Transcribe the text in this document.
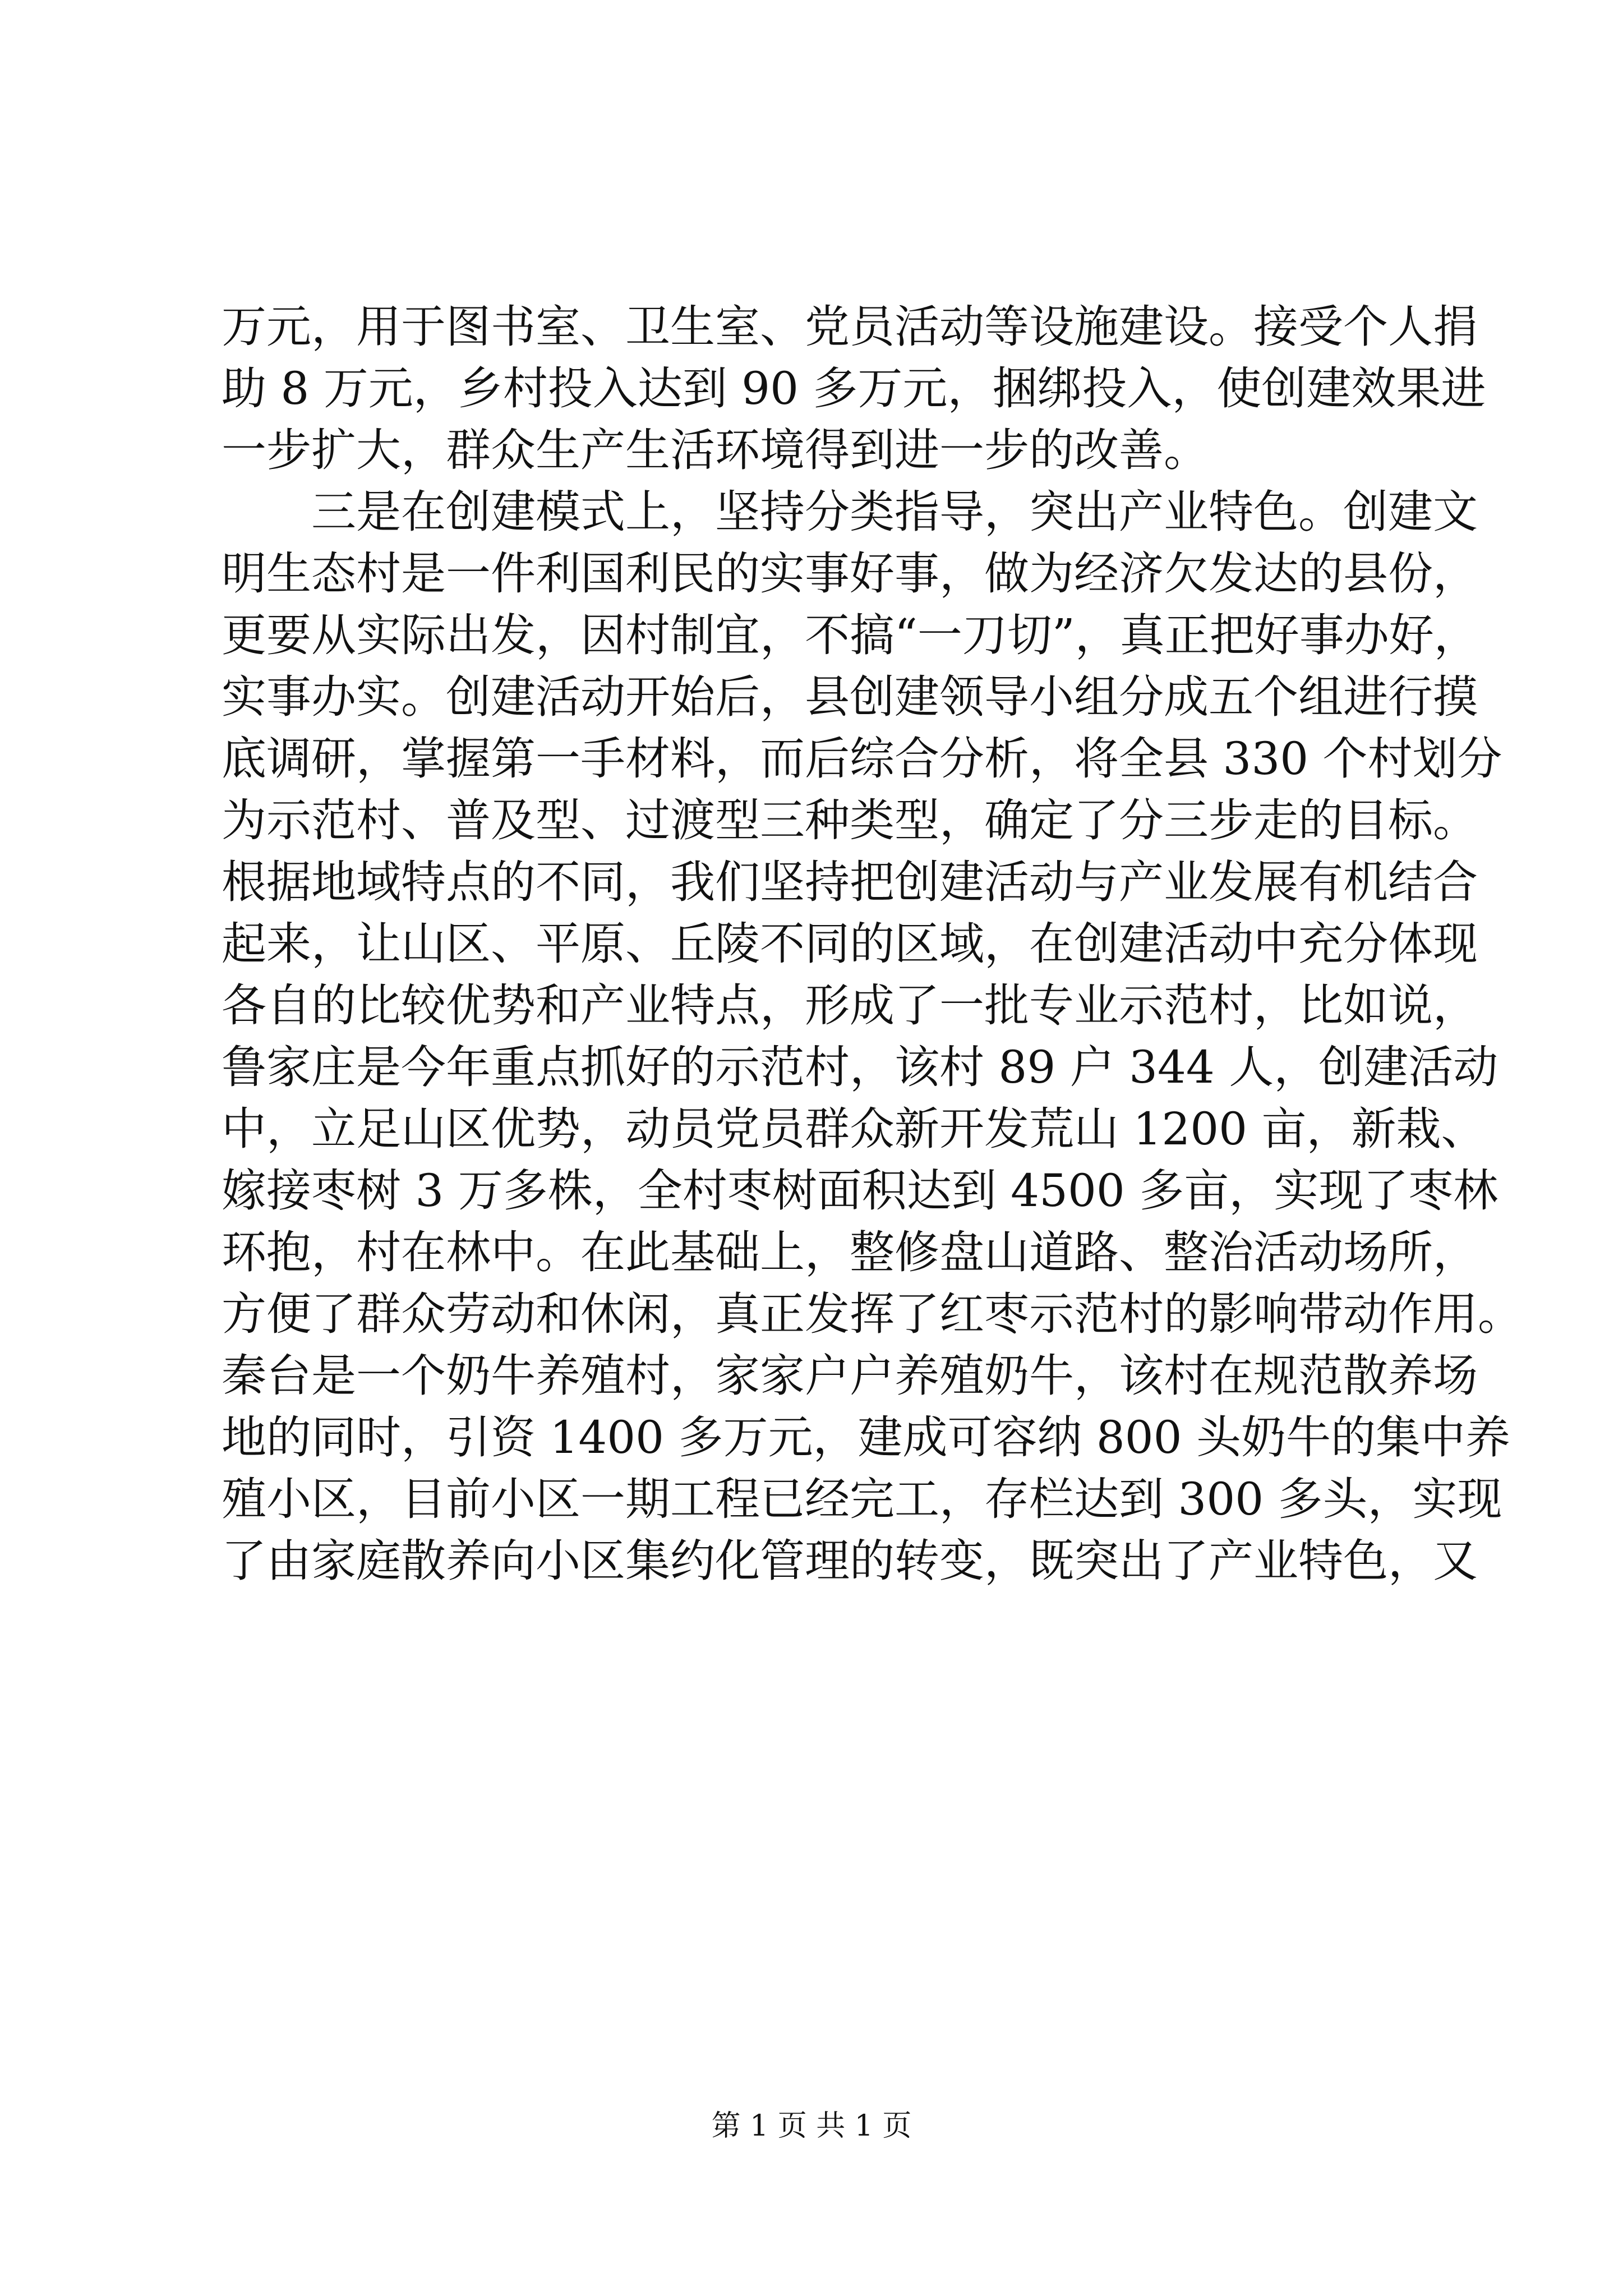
万元，用于图书室、卫生室、党员活动等设施建设。接受个人捐
助 8 万元，乡村投入达到 90 多万元，捆绑投入，使创建效果进
一步扩大，群众生产生活环境得到进一步的改善。
　　三是在创建模式上，坚持分类指导，突出产业特色。创建文
明生态村是一件利国利民的实事好事，做为经济欠发达的县份，
更要从实际出发，因村制宜，不搞“一刀切”，真正把好事办好，
实事办实。创建活动开始后，县创建领导小组分成五个组进行摸
底调研，掌握第一手材料，而后综合分析，将全县 330 个村划分
为示范村、普及型、过渡型三种类型，确定了分三步走的目标。
根据地域特点的不同，我们坚持把创建活动与产业发展有机结合
起来，让山区、平原、丘陵不同的区域，在创建活动中充分体现
各自的比较优势和产业特点，形成了一批专业示范村，比如说，
鲁家庄是今年重点抓好的示范村，该村 89 户 344 人，创建活动
中，立足山区优势，动员党员群众新开发荒山 1200 亩，新栽、
嫁接枣树 3 万多株，全村枣树面积达到 4500 多亩，实现了枣林
环抱，村在林中。在此基础上，整修盘山道路、整治活动场所，
方便了群众劳动和休闲，真正发挥了红枣示范村的影响带动作用。
秦台是一个奶牛养殖村，家家户户养殖奶牛，该村在规范散养场
地的同时，引资 1400 多万元，建成可容纳 800 头奶牛的集中养
殖小区，目前小区一期工程已经完工，存栏达到 300 多头，实现
了由家庭散养向小区集约化管理的转变，既突出了产业特色，又
第 1 页 共 1 页
